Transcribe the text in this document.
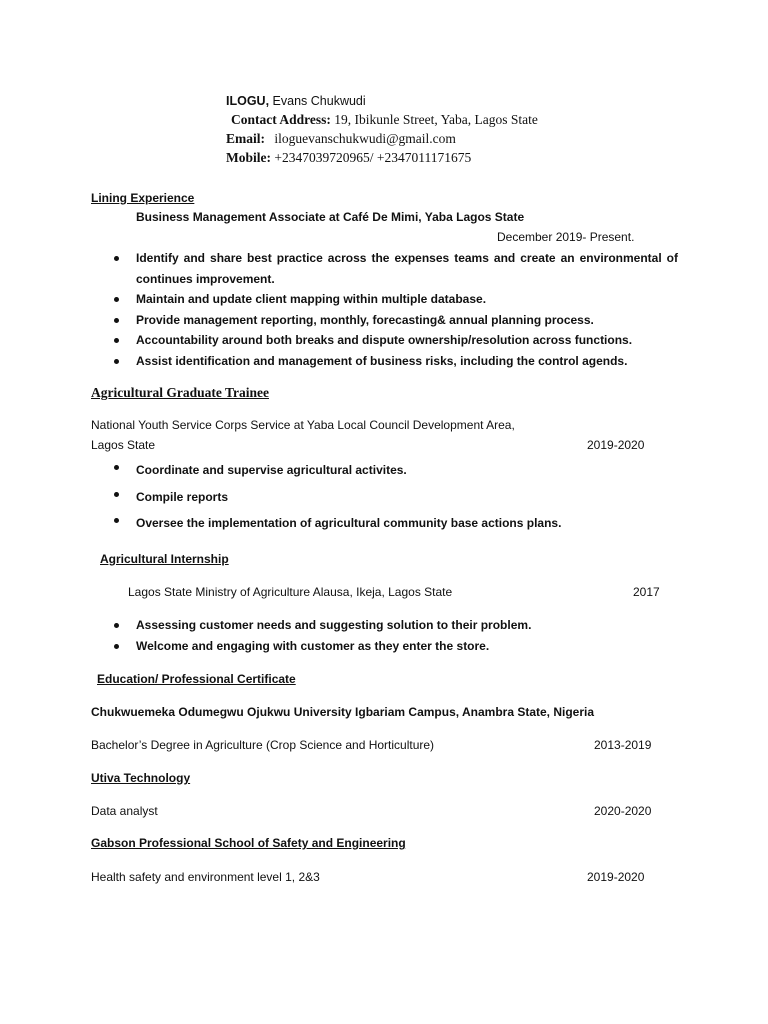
ILOGU, Evans Chukwudi
Contact Address: 19, Ibikunle Street, Yaba, Lagos State
Email: iloguevanschukwudi@gmail.com
Mobile: +2347039720965/ +2347011171675
Lining Experience
Business Management Associate at Café De Mimi, Yaba Lagos State
December 2019- Present.
Identify and share best practice across the expenses teams and create an environmental of continues improvement.
Maintain and update client mapping within multiple database.
Provide management reporting, monthly, forecasting& annual planning process.
Accountability around both breaks and dispute ownership/resolution across functions.
Assist identification and management of business risks, including the control agends.
Agricultural Graduate Trainee
National Youth Service Corps Service at Yaba Local Council Development Area,
Lagos State	2019-2020
Coordinate and supervise agricultural activites.
Compile reports
Oversee the implementation of agricultural community base actions plans.
Agricultural Internship
Lagos State Ministry of Agriculture Alausa, Ikeja, Lagos State	2017
Assessing customer needs and suggesting solution to their problem.
Welcome and engaging with customer as they enter the store.
Education/ Professional Certificate
Chukwuemeka Odumegwu Ojukwu University Igbariam Campus, Anambra State, Nigeria
Bachelor’s Degree in Agriculture (Crop Science and Horticulture)	2013-2019
Utiva Technology
Data analyst	2020-2020
Gabson Professional School of Safety and Engineering
Health safety and environment level 1, 2&3	2019-2020
